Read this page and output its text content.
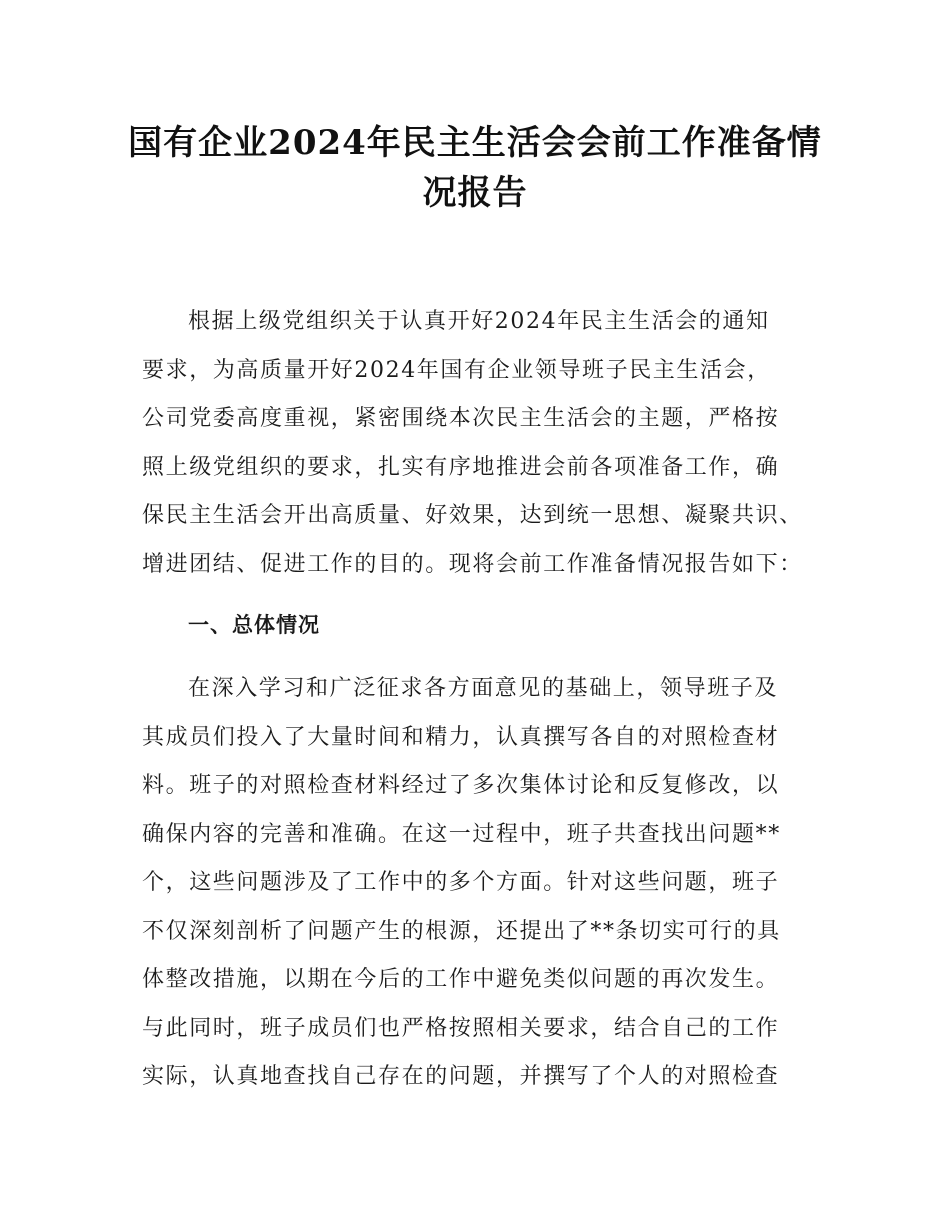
国有企业2024年民主生活会会前工作准备情
况报告
根据上级党组织关于认真开好2024年民主生活会的通知
要求，为高质量开好2024年国有企业领导班子民主生活会，
公司党委高度重视，紧密围绕本次民主生活会的主题，严格按
照上级党组织的要求，扎实有序地推进会前各项准备工作，确
保民主生活会开出高质量、好效果，达到统一思想、凝聚共识、
增进团结、促进工作的目的。现将会前工作准备情况报告如下：
一、总体情况
在深入学习和广泛征求各方面意见的基础上，领导班子及
其成员们投入了大量时间和精力，认真撰写各自的对照检查材
料。班子的对照检查材料经过了多次集体讨论和反复修改，以
确保内容的完善和准确。在这一过程中，班子共查找出问题**
个，这些问题涉及了工作中的多个方面。针对这些问题，班子
不仅深刻剖析了问题产生的根源，还提出了**条切实可行的具
体整改措施，以期在今后的工作中避免类似问题的再次发生。
与此同时，班子成员们也严格按照相关要求，结合自己的工作
实际，认真地查找自己存在的问题，并撰写了个人的对照检查
